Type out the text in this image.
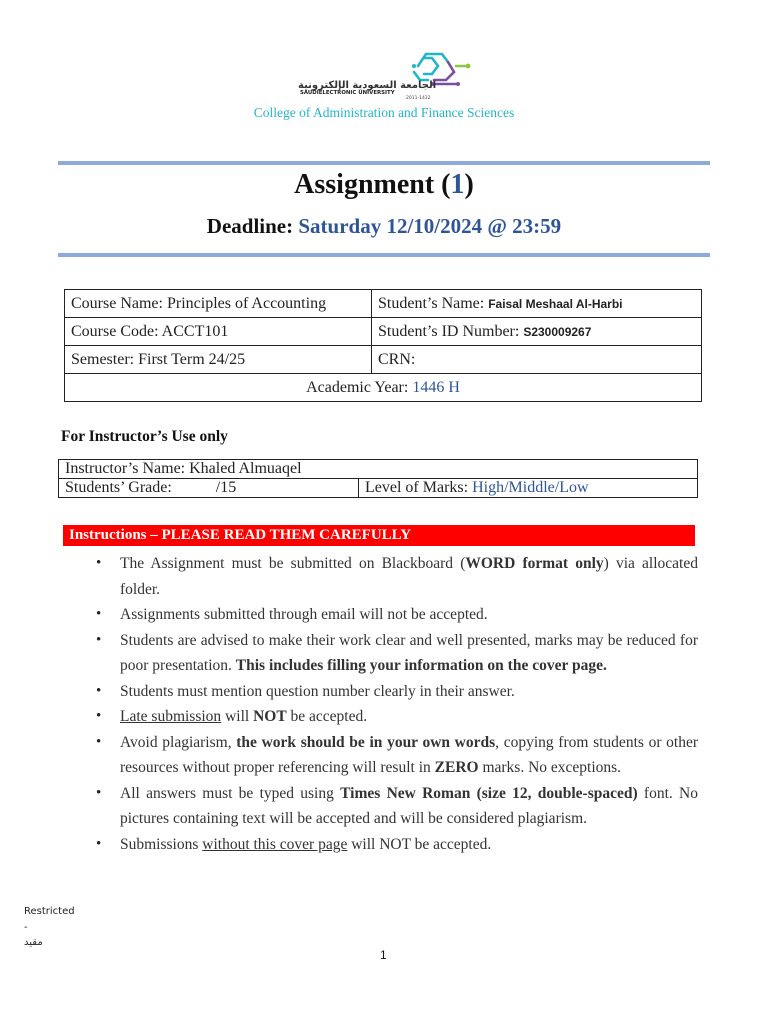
الجامعة السعودية الإلكترونية
SAUDIELECTRONIC UNIVERSITY
2011-1432
College of Administration and Finance Sciences
Assignment (1)
Deadline: Saturday 12/10/2024 @ 23:59
Course Name: Principles of Accounting	Student’s Name: Faisal Meshaal Al-Harbi
Course Code: ACCT101	Student’s ID Number: S230009267
Semester: First Term 24/25	CRN:
Academic Year: 1446 H	
For Instructor’s Use only
Instructor’s Name: Khaled Almuaqel
Students’ Grade:           /15	Level of Marks: High/Middle/Low
Instructions – PLEASE READ THEM CAREFULLY
• The Assignment must be submitted on Blackboard (WORD format only) via allocated folder.
• Assignments submitted through email will not be accepted.
• Students are advised to make their work clear and well presented, marks may be reduced for poor presentation. This includes filling your information on the cover page.
• Students must mention question number clearly in their answer.
• Late submission will NOT be accepted.
• Avoid plagiarism, the work should be in your own words, copying from students or other resources without proper referencing will result in ZERO marks. No exceptions.
• All answers must be typed using Times New Roman (size 12, double-spaced) font. No pictures containing text will be accepted and will be considered plagiarism.
• Submissions without this cover page will NOT be accepted.
Restricted - مقيد
1
